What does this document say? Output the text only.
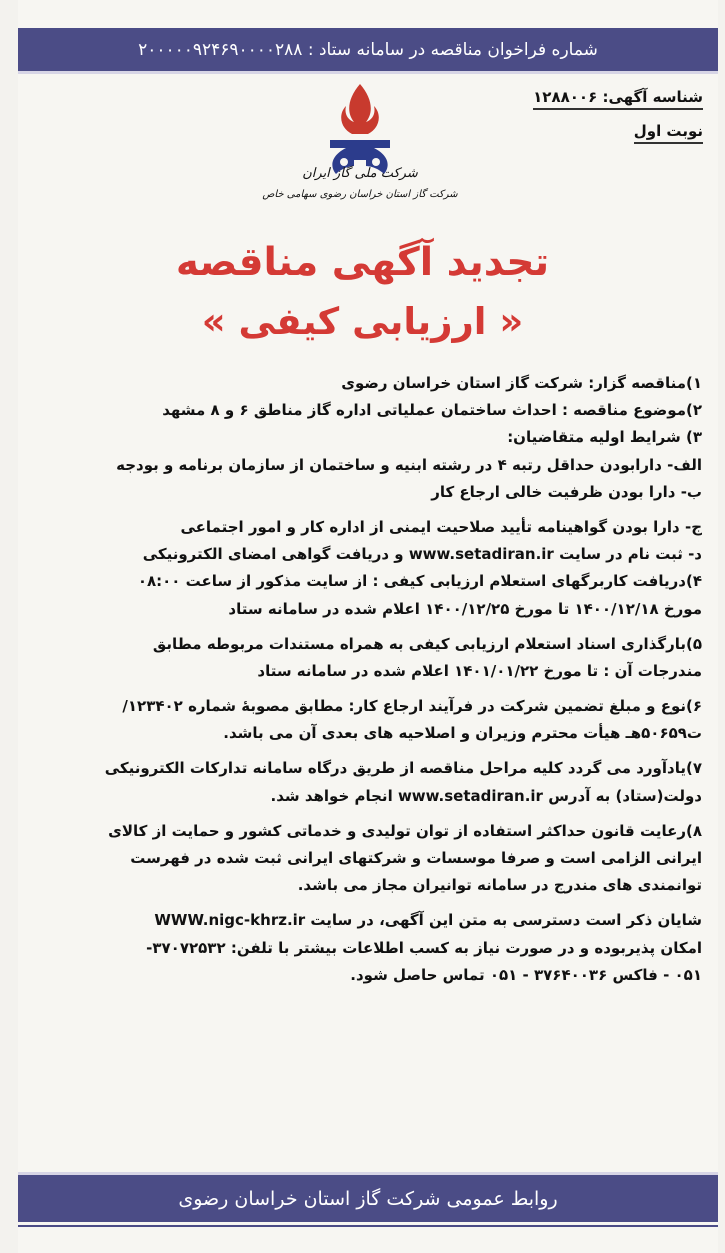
شماره فراخوان مناقصه در سامانه ستاد : ۲۰۰۰۰۰۹۲۴۶۹۰۰۰۰۲۸۸
شناسه آگهی: ۱۲۸۸۰۰۶
نوبت اول
شرکت ملی گاز ایران
شرکت گاز استان خراسان رضوی سهامی خاص
تجدید آگهی مناقصه
« ارزیابی کیفی »
۱)مناقصه گزار: شرکت گاز استان خراسان رضوی
۲)موضوع مناقصه : احداث ساختمان عملیاتی اداره گاز مناطق ۶ و ۸ مشهد
۳) شرایط اولیه متقاضیان:
الف- دارابودن حداقل رتبه ۴ در رشته ابنیه و ساختمان از سازمان برنامه و بودجه
ب- دارا بودن ظرفیت خالی ارجاع کار
ج- دارا بودن گواهینامه تأیید صلاحیت ایمنی از اداره کار و امور اجتماعی
د- ثبت نام در سایت www.setadiran.ir و دریافت گواهی امضای الکترونیکی
۴)دریافت کاربرگهای استعلام ارزیابی کیفی : از سایت مذکور از ساعت ۰۸:۰۰
مورخ ۱۴۰۰/۱۲/۱۸ تا مورخ ۱۴۰۰/۱۲/۲۵ اعلام شده در سامانه ستاد
۵)بارگذاری اسناد استعلام ارزیابی کیفی به همراه مستندات مربوطه مطابق
مندرجات آن : تا مورخ ۱۴۰۱/۰۱/۲۲ اعلام شده در سامانه ستاد
۶)نوع و مبلغ تضمین شرکت در فرآیند ارجاع کار: مطابق مصوبهٔ شماره ۱۲۳۴۰۲/
ت۵۰۶۵۹هـ هیأت محترم وزیران و اصلاحیه های بعدی آن می باشد.
۷)یادآورد می گردد کلیه مراحل مناقصه از طریق درگاه سامانه تدارکات الکترونیکی
دولت(ستاد) به آدرس www.setadiran.ir انجام خواهد شد.
۸)رعایت قانون حداکثر استفاده از توان تولیدی و خدماتی کشور و حمایت از کالای
ایرانی الزامی است و صرفا موسسات و شرکتهای ایرانی ثبت شده در فهرست
توانمندی های مندرج در سامانه توانیران مجاز می باشد.
شایان ذکر است دسترسی به متن این آگهی، در سایت WWW.nigc-khrz.ir
امکان پذیربوده و در صورت نیاز به کسب اطلاعات بیشتر با تلفن: ۳۷۰۷۲۵۳۲-
۰۵۱ - فاکس ۳۷۶۴۰۰۳۶ - ۰۵۱ تماس حاصل شود.
روابط عمومی شرکت گاز استان خراسان رضوی
